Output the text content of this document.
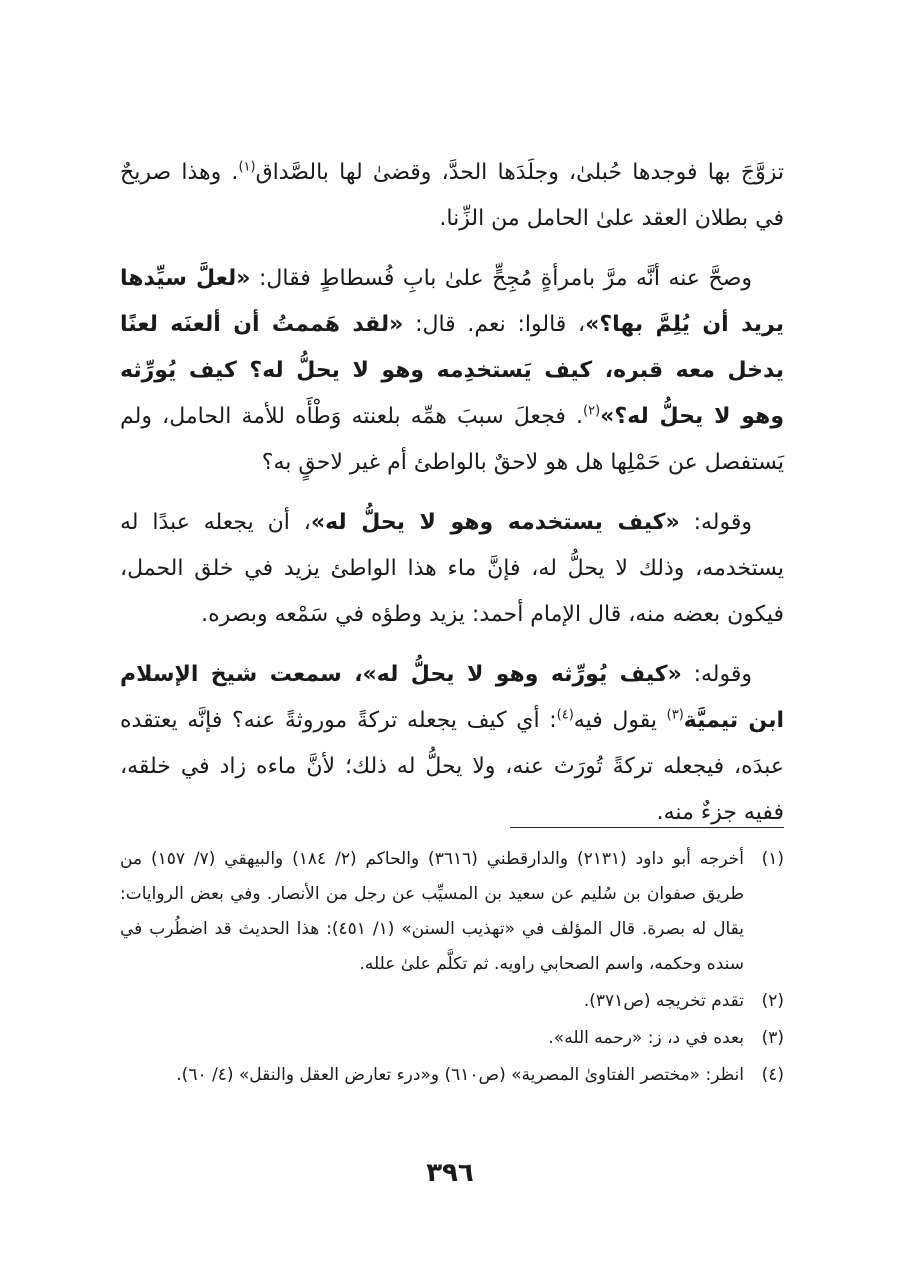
تزوَّجَ بها فوجدها حُبلىٰ، وجلَدَها الحدَّ، وقضىٰ لها بالصَّداق$^{(١)}$. وهذا صريحٌ في بطلان العقد علىٰ الحامل من الزِّنا.

وصحَّ عنه أنَّه مرَّ بامرأةٍ مُجِحٍّ علىٰ بابِ فُسطاطٍ فقال: «لعلَّ سيِّدها يريد أن يُلِمَّ بها؟»، قالوا: نعم. قال: «لقد هَممتُ أن ألعنَه لعنًا يدخل معه قبره، كيف يَستخدِمه وهو لا يحلُّ له؟ كيف يُورِّثه وهو لا يحلُّ له؟»$^{(٢)}$. فجعلَ سببَ همِّه بلعنته وَطْأَه للأمة الحامل، ولم يَستفصل عن حَمْلِها هل هو لاحقٌ بالواطئ أم غير لاحقٍ به؟

وقوله: «كيف يستخدمه وهو لا يحلُّ له»، أن يجعله عبدًا له يستخدمه، وذلك لا يحلُّ له، فإنَّ ماء هذا الواطئ يزيد في خلق الحمل، فيكون بعضه منه، قال الإمام أحمد: يزيد وطؤه في سَمْعه وبصره.

وقوله: «كيف يُورِّثه وهو لا يحلُّ له»، سمعت شيخ الإسلام ابن تيميَّة$^{(٣)}$ يقول فيه$^{(٤)}$: أي كيف يجعله تركةً موروثةً عنه؟ فإنَّه يعتقده عبدَه، فيجعله تركةً تُورَث عنه، ولا يحلُّ له ذلك؛ لأنَّ ماءه زاد في خلقه، ففيه جزءٌ منه.

(١)
أخرجه أبو داود (٢١٣١) والدارقطني (٣٦١٦) والحاكم (٢/ ١٨٤) والبيهقي (٧/ ١٥٧) من طريق صفوان بن سُليم عن سعيد بن المسيِّب عن رجل من الأنصار. وفي بعض الروايات: يقال له بصرة. قال المؤلف في «تهذيب السنن» (١/ ٤٥١): هذا الحديث قد اضطُرب في سنده وحكمه، واسم الصحابي راويه. ثم تكلَّم علىٰ علله.
(٢)
تقدم تخريجه (ص٣٧١).
(٣)
بعده في د، ز: «رحمه الله».
(٤)
انظر: «مختصر الفتاوىٰ المصرية» (ص٦١٠) و«درء تعارض العقل والنقل» (٤/ ٦٠).
٣٩٦
